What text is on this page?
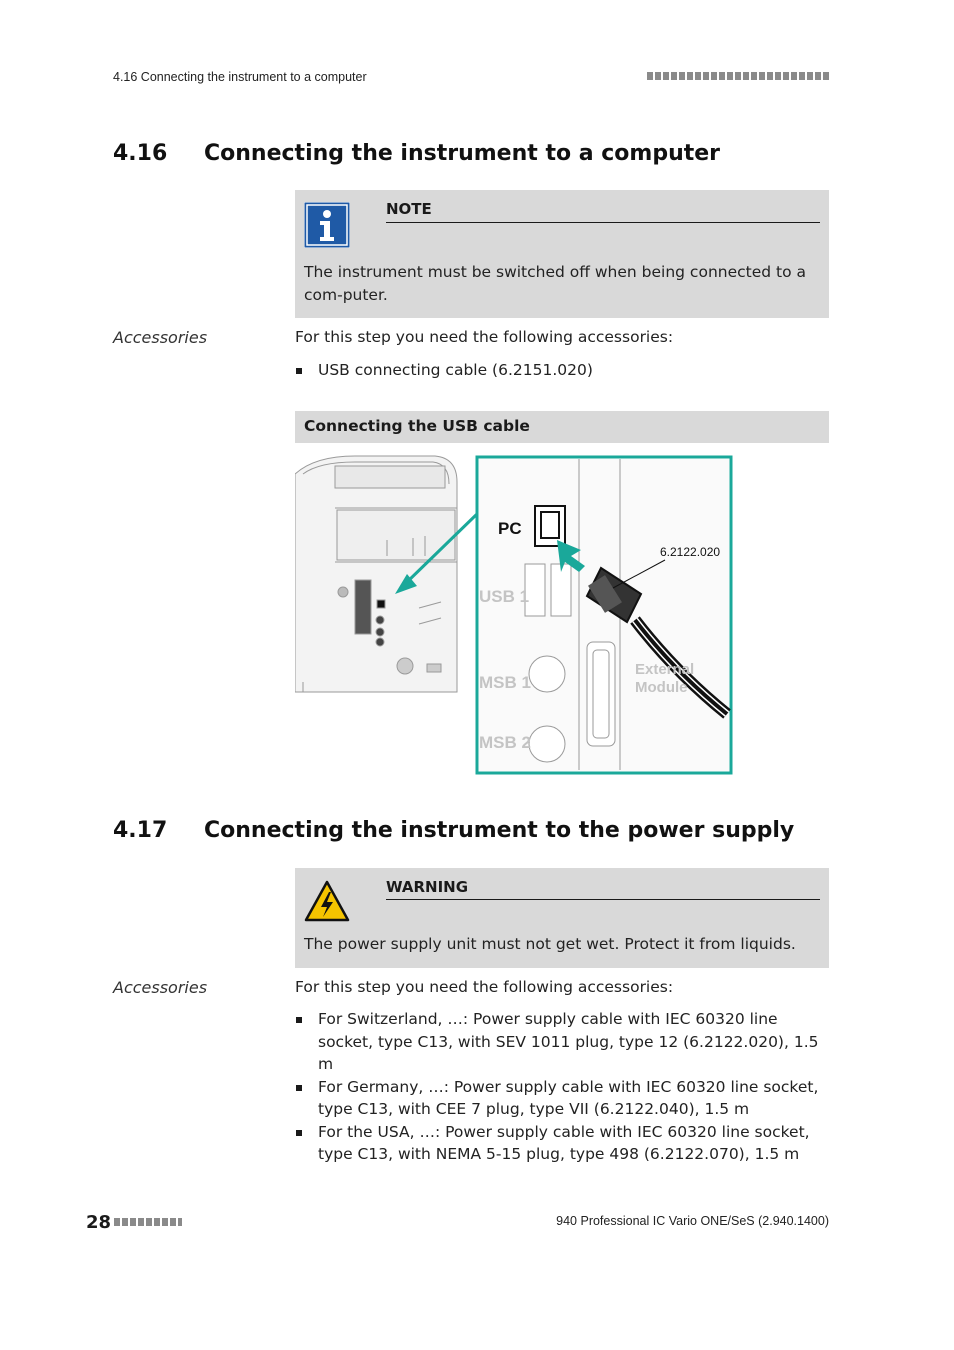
4.16 Connecting the instrument to a computer
4.16 Connecting the instrument to a computer
NOTE
The instrument must be switched off when being connected to a com-puter.
Accessories	For this step you need the following accessories:
USB connecting cable (6.2151.020)
Connecting the USB cable
PC
6.2122.020
USB 1
MSB 1
MSB 2
External
Module
4.17 Connecting the instrument to the power supply
WARNING
The power supply unit must not get wet. Protect it from liquids.
Accessories	For this step you need the following accessories:
For Switzerland, …: Power supply cable with IEC 60320 line socket, type C13, with SEV 1011 plug, type 12 (6.2122.020), 1.5 m
For Germany, …: Power supply cable with IEC 60320 line socket, type C13, with CEE 7 plug, type VII (6.2122.040), 1.5 m
For the USA, …: Power supply cable with IEC 60320 line socket, type C13, with NEMA 5-15 plug, type 498 (6.2122.070), 1.5 m
28	940 Professional IC Vario ONE/SeS (2.940.1400)
